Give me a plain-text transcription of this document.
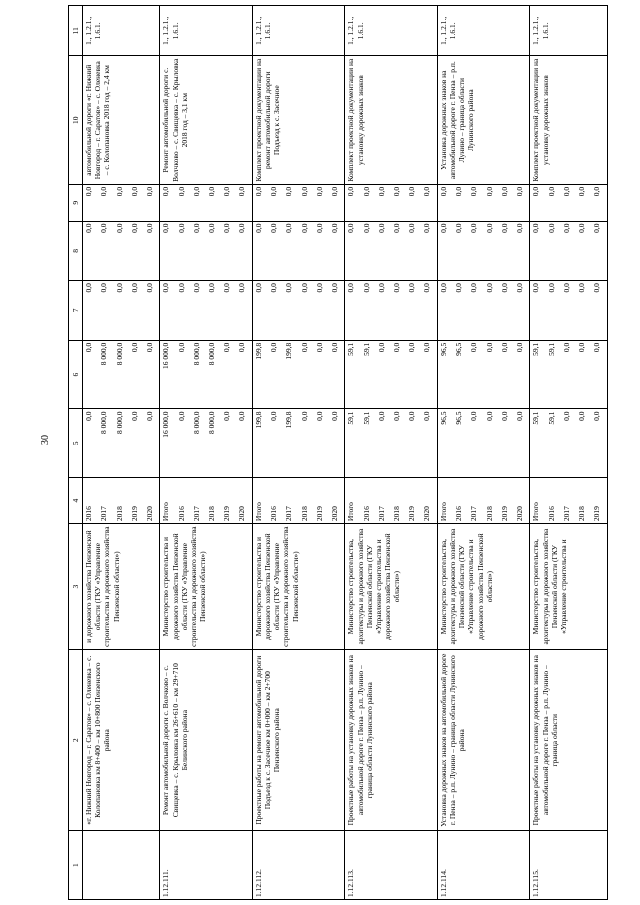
30
1	2	3	4	5	6	7	8	9	10	11
	«г. Нижний Новгород – г. Саратов» – с. Оленевка – с. Колопановка км 8+400 – км 10+800 Пензенского района	и дорожного хозяйства Пензенской области (ГКУ «Управление строительства и дорожного хозяйства Пензенской области»)	2016	0,0	0,0	0,0	0,0	0,0	автомобильной дороги «г. Нижний Новгород – г. Саратов» – с. Оленевка – с. Колопановка 2018 год – 2,4 км	1., 1.2.1., 1.6.1.
			2017	8 000,0	8 000,0	0,0	0,0	0,0		
			2018	8 000,0	8 000,0	0,0	0,0	0,0		
			2019	0,0	0,0	0,0	0,0	0,0		
			2020	0,0	0,0	0,0	0,0	0,0		
1.12.111.	Ремонт автомобильной дороги с. Волчково – с. Свищевка – с. Крыловка км 26+610 – км 29+710 Белинского района	Министерство строительства и дорожного хозяйства Пензенской области (ГКУ «Управление строительства и дорожного хозяйства Пензенской области»)	Итого	16 000,0	16 000,0	0,0	0,0	0,0	Ремонт автомобильной дороги с. Волчково – с. Свищевка – с. Крыловка 2018 год – 3,1 км	1., 1.2.1., 1.6.1.
			2016	0,0	0,0	0,0	0,0	0,0		
			2017	8 000,0	8 000,0	0,0	0,0	0,0		
			2018	8 000,0	8 000,0	0,0	0,0	0,0		
			2019	0,0	0,0	0,0	0,0	0,0		
			2020	0,0	0,0	0,0	0,0	0,0		
1.12.112.	Проектные работы на ремонт автомобильной дороги Подъезд к с. Засечное км 0+000 – км 2+700 Пензенского района	Министерство строительства и дорожного хозяйства Пензенской области (ГКУ «Управление строительства и дорожного хозяйства Пензенской области»)	Итого	199,8	199,8	0,0	0,0	0,0	Комплект проектной документации на ремонт автомобильной дороги Подъезд к с. Засечное	1., 1.2.1., 1.6.1.
			2016	0,0	0,0	0,0	0,0	0,0		
			2017	199,8	199,8	0,0	0,0	0,0		
			2018	0,0	0,0	0,0	0,0	0,0		
			2019	0,0	0,0	0,0	0,0	0,0		
			2020	0,0	0,0	0,0	0,0	0,0		
1.12.113.	Проектные работы на установку дорожных знаков на автомобильной дороге г. Пенза – р.п. Лунино – граница области Лунинского района	Министерство строительства, архитектуры и дорожного хозяйства Пензенской области (ГКУ «Управление строительства и дорожного хозяйства Пензенской области»)	Итого	59,1	59,1	0,0	0,0	0,0	Комплект проектной документации на установку дорожных знаков	1., 1.2.1., 1.6.1.
			2016	59,1	59,1	0,0	0,0	0,0		
			2017	0,0	0,0	0,0	0,0	0,0		
			2018	0,0	0,0	0,0	0,0	0,0		
			2019	0,0	0,0	0,0	0,0	0,0		
			2020	0,0	0,0	0,0	0,0	0,0		
1.12.114.	Установка дорожных знаков на автомобильной дороге г. Пенза – р.п. Лунино – граница области Лунинского района	Министерство строительства, архитектуры и дорожного хозяйства Пензенской области (ГКУ «Управление строительства и дорожного хозяйства Пензенской области»)	Итого	96,5	96,5	0,0	0,0	0,0	Установка дорожных знаков на автомобильной дороге г. Пенза – р.п. Лунино – граница области Лунинского района	1., 1.2.1., 1.6.1.
			2016	96,5	96,5	0,0	0,0	0,0		
			2017	0,0	0,0	0,0	0,0	0,0		
			2018	0,0	0,0	0,0	0,0	0,0		
			2019	0,0	0,0	0,0	0,0	0,0		
			2020	0,0	0,0	0,0	0,0	0,0		
1.12.115.	Проектные работы на установку дорожных знаков на автомобильной дороге г. Пенза – р.п. Лунино – граница области	Министерство строительства, архитектуры и дорожного хозяйства Пензенской области (ГКУ «Управление строительства и	Итого	59,1	59,1	0,0	0,0	0,0	Комплект проектной документации на установку дорожных знаков	1., 1.2.1., 1.6.1.
			2016	59,1	59,1	0,0	0,0	0,0		
			2017	0,0	0,0	0,0	0,0	0,0		
			2018	0,0	0,0	0,0	0,0	0,0		
			2019	0,0	0,0	0,0	0,0	0,0		
